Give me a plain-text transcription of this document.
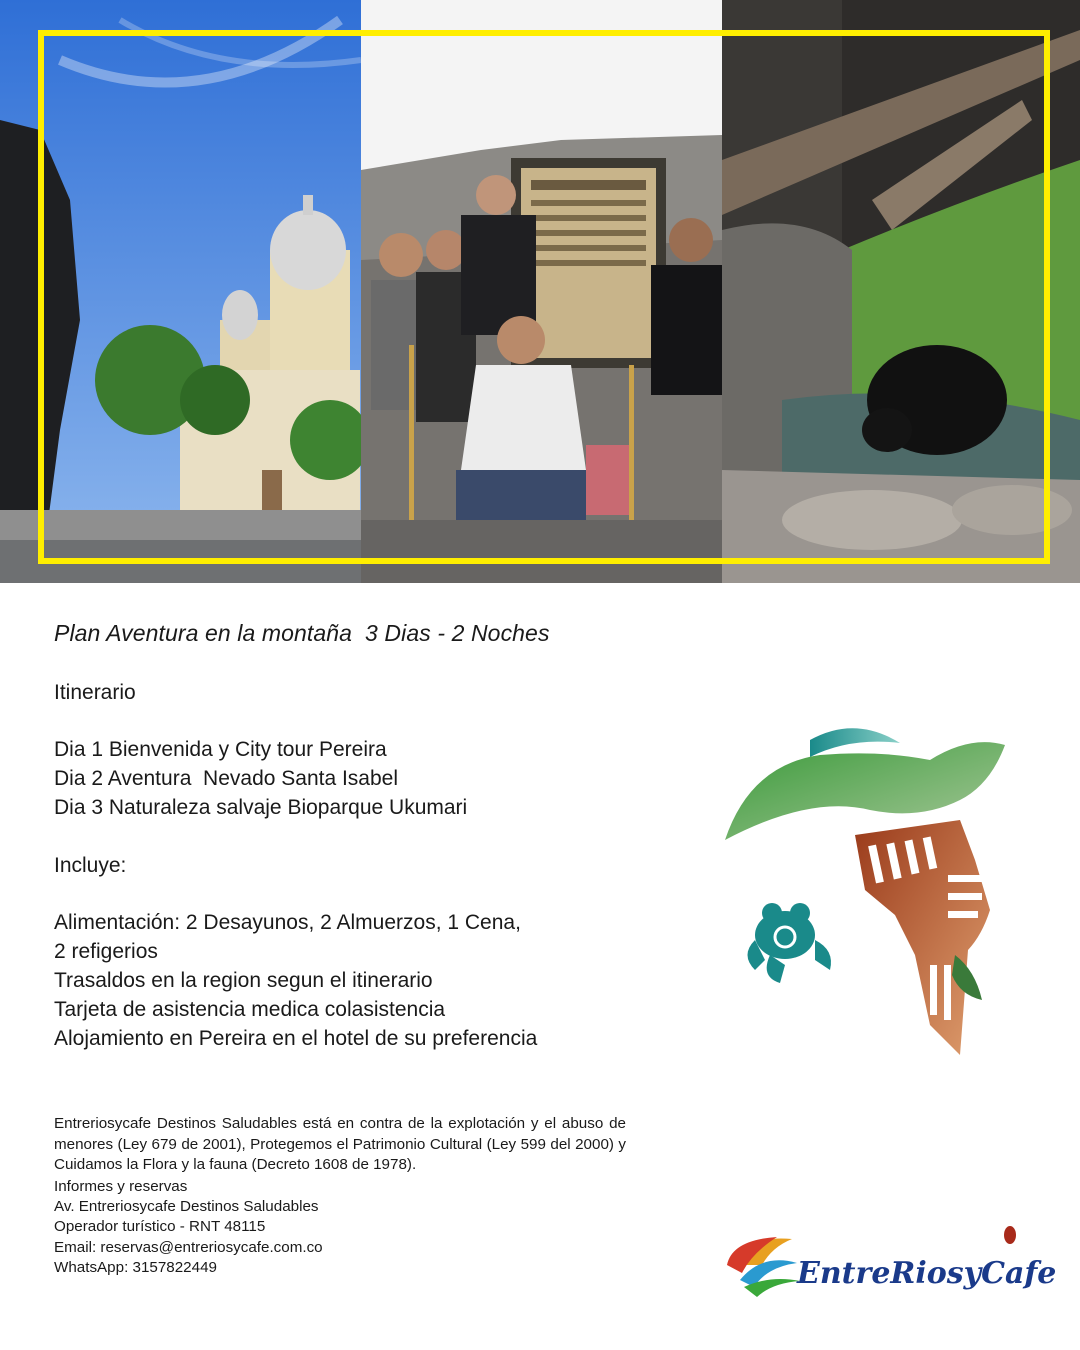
Plan Aventura en la montaña  3 Dias - 2 Noches
Itinerario
Dia 1 Bienvenida y City tour Pereira
Dia 2 Aventura  Nevado Santa Isabel
Dia 3 Naturaleza salvaje Bioparque Ukumari
Incluye:
Alimentación: 2 Desayunos, 2 Almuerzos, 1 Cena,
2 refigerios
Trasaldos en la region segun el itinerario
Tarjeta de asistencia medica colasistencia
Alojamiento en Pereira en el hotel de su preferencia
Entreriosycafe Destinos Saludables está en contra de la explotación y el abuso de menores (Ley 679 de 2001), Protegemos el Patrimonio Cultural (Ley 599 del 2000) y Cuidamos la Flora y la fauna (Decreto 1608 de 1978).
Informes y reservas
Av. Entreriosycafe Destinos Saludables
Operador turístico - RNT 48115
Email: reservas@entreriosycafe.com.co
WhatsApp: 3157822449	EntreRiosyCafe
